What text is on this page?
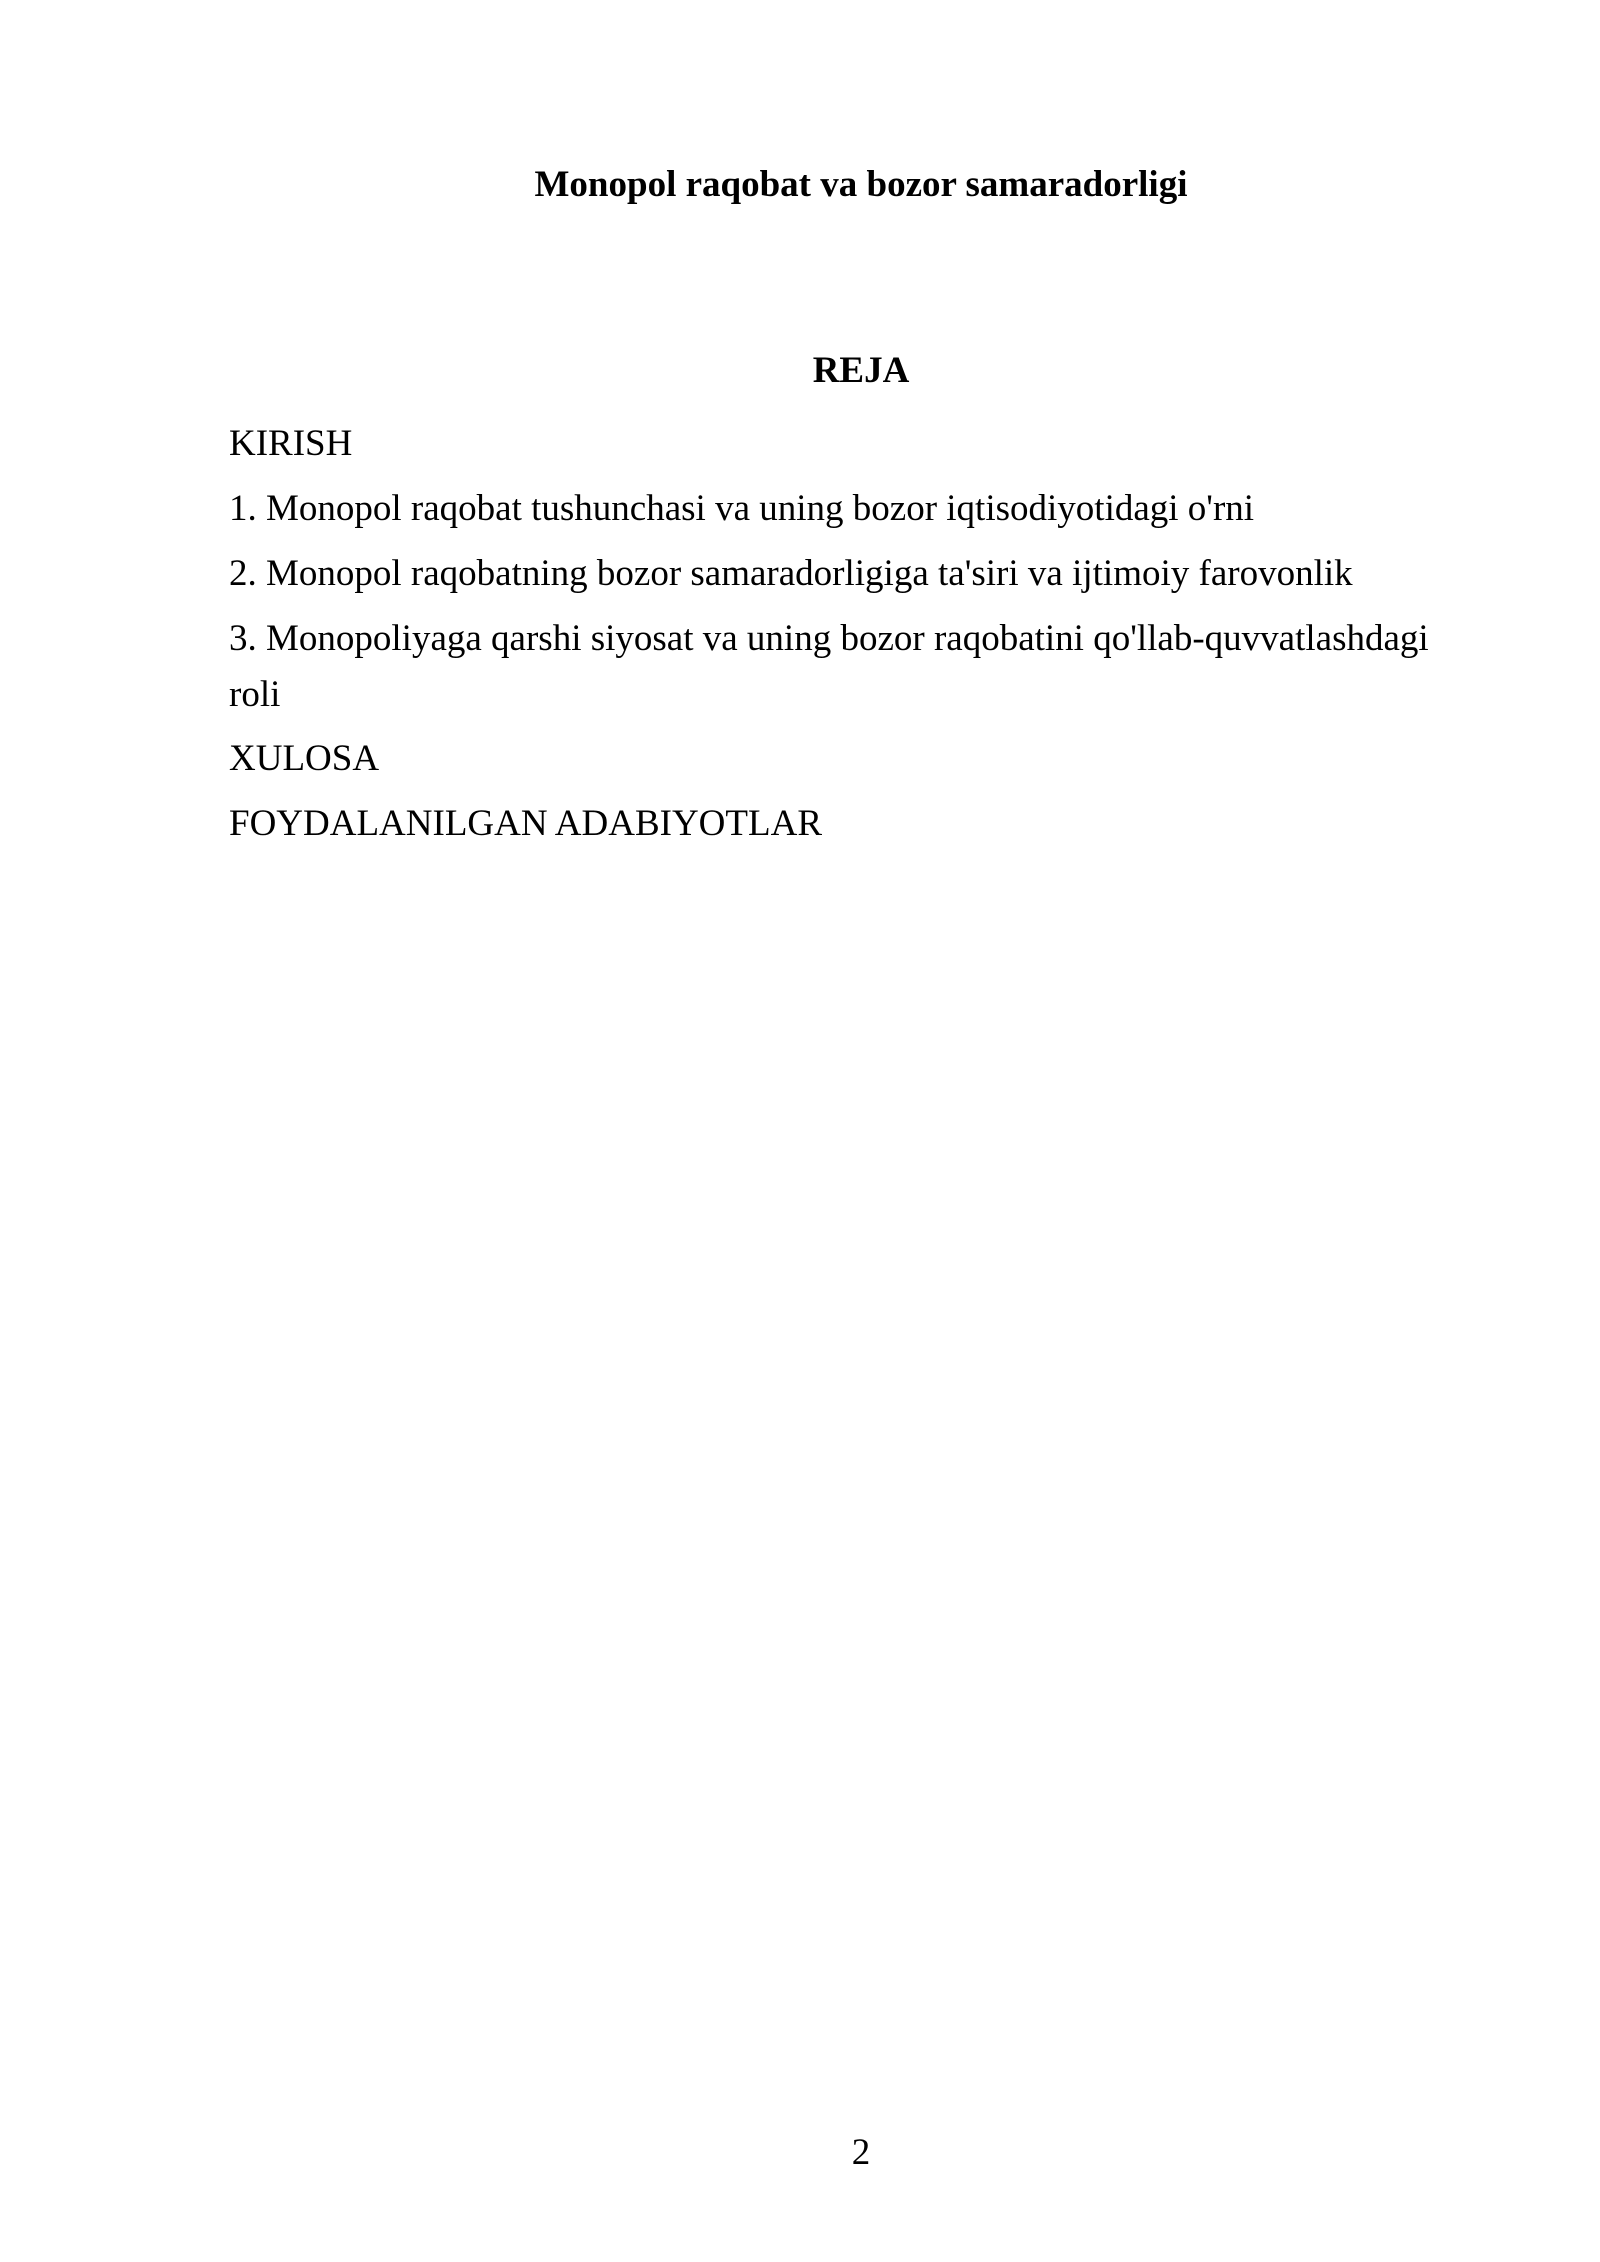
Monopol raqobat va bozor samaradorligi
REJA
KIRISH
1. Monopol raqobat tushunchasi va uning bozor iqtisodiyotidagi o'rni
2. Monopol raqobatning bozor samaradorligiga ta'siri va ijtimoiy farovonlik
3. Monopoliyaga qarshi siyosat va uning bozor raqobatini qo'llab-quvvatlashdagi
roli
XULOSA
FOYDALANILGAN ADABIYOTLAR
2
